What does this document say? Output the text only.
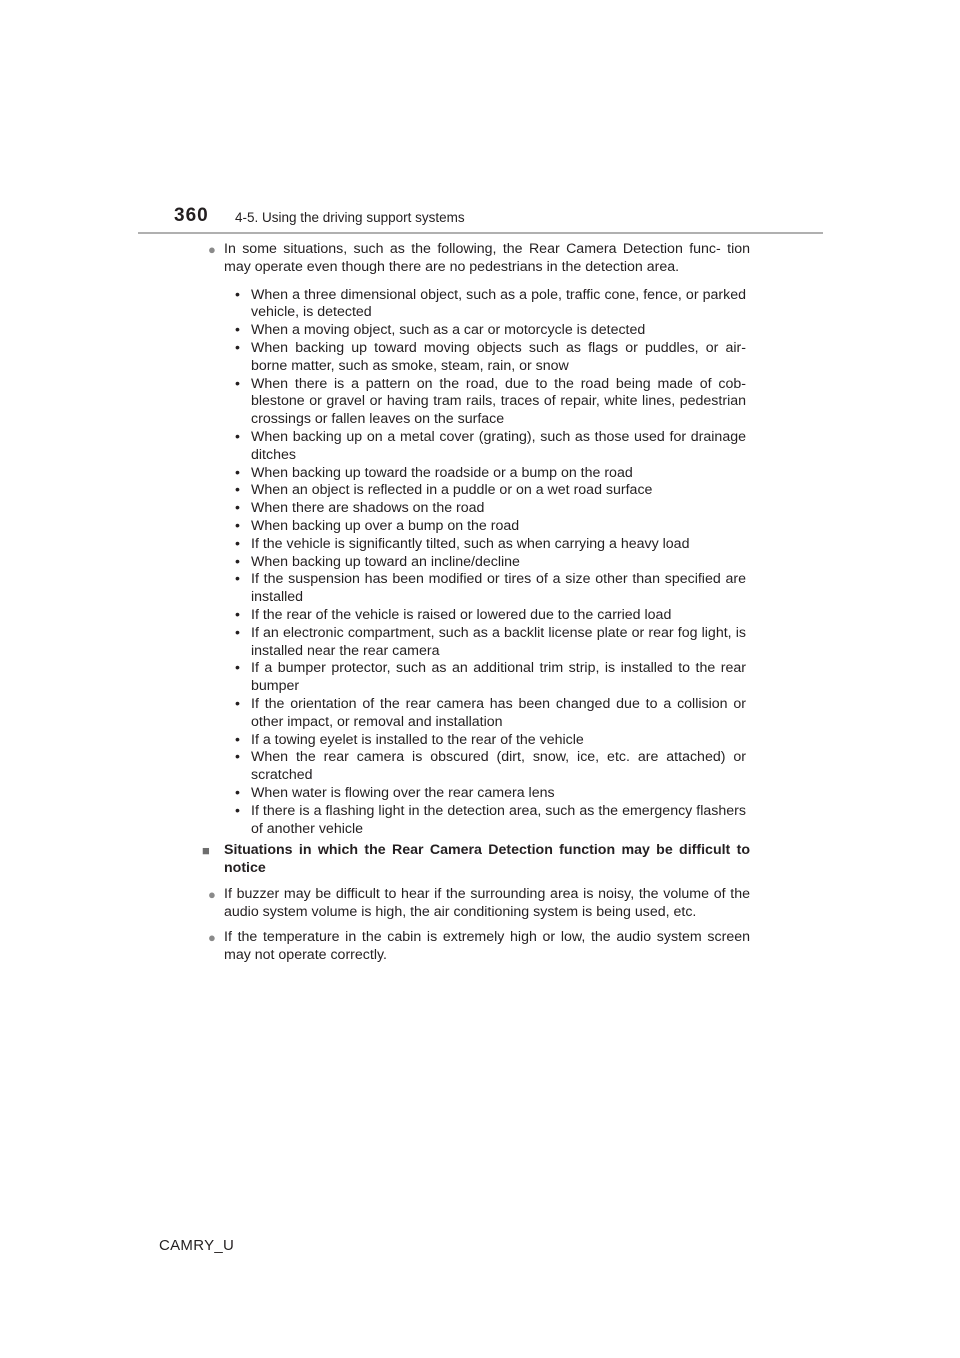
360 4-5. Using the driving support systems
● In some situations, such as the following, the Rear Camera Detection func- tion may operate even though there are no pedestrians in the detection area.
• When a three dimensional object, such as a pole, traffic cone, fence, or parked vehicle, is detected
• When a moving object, such as a car or motorcycle is detected
• When backing up toward moving objects such as flags or puddles, or air- borne matter, such as smoke, steam, rain, or snow
• When there is a pattern on the road, due to the road being made of cob- blestone or gravel or having tram rails, traces of repair, white lines, pedestrian crossings or fallen leaves on the surface
• When backing up on a metal cover (grating), such as those used for drainage ditches
• When backing up toward the roadside or a bump on the road
• When an object is reflected in a puddle or on a wet road surface
• When there are shadows on the road
• When backing up over a bump on the road
• If the vehicle is significantly tilted, such as when carrying a heavy load
• When backing up toward an incline/decline
• If the suspension has been modified or tires of a size other than specified are installed
• If the rear of the vehicle is raised or lowered due to the carried load
• If an electronic compartment, such as a backlit license plate or rear fog light, is installed near the rear camera
• If a bumper protector, such as an additional trim strip, is installed to the rear bumper
• If the orientation of the rear camera has been changed due to a collision or other impact, or removal and installation
• If a towing eyelet is installed to the rear of the vehicle
• When the rear camera is obscured (dirt, snow, ice, etc. are attached) or scratched
• When water is flowing over the rear camera lens
• If there is a flashing light in the detection area, such as the emergency flashers of another vehicle
■ Situations in which the Rear Camera Detection function may be difficult to notice
● If buzzer may be difficult to hear if the surrounding area is noisy, the volume of the audio system volume is high, the air conditioning system is being used, etc.
● If the temperature in the cabin is extremely high or low, the audio system screen may not operate correctly.
CAMRY_U
